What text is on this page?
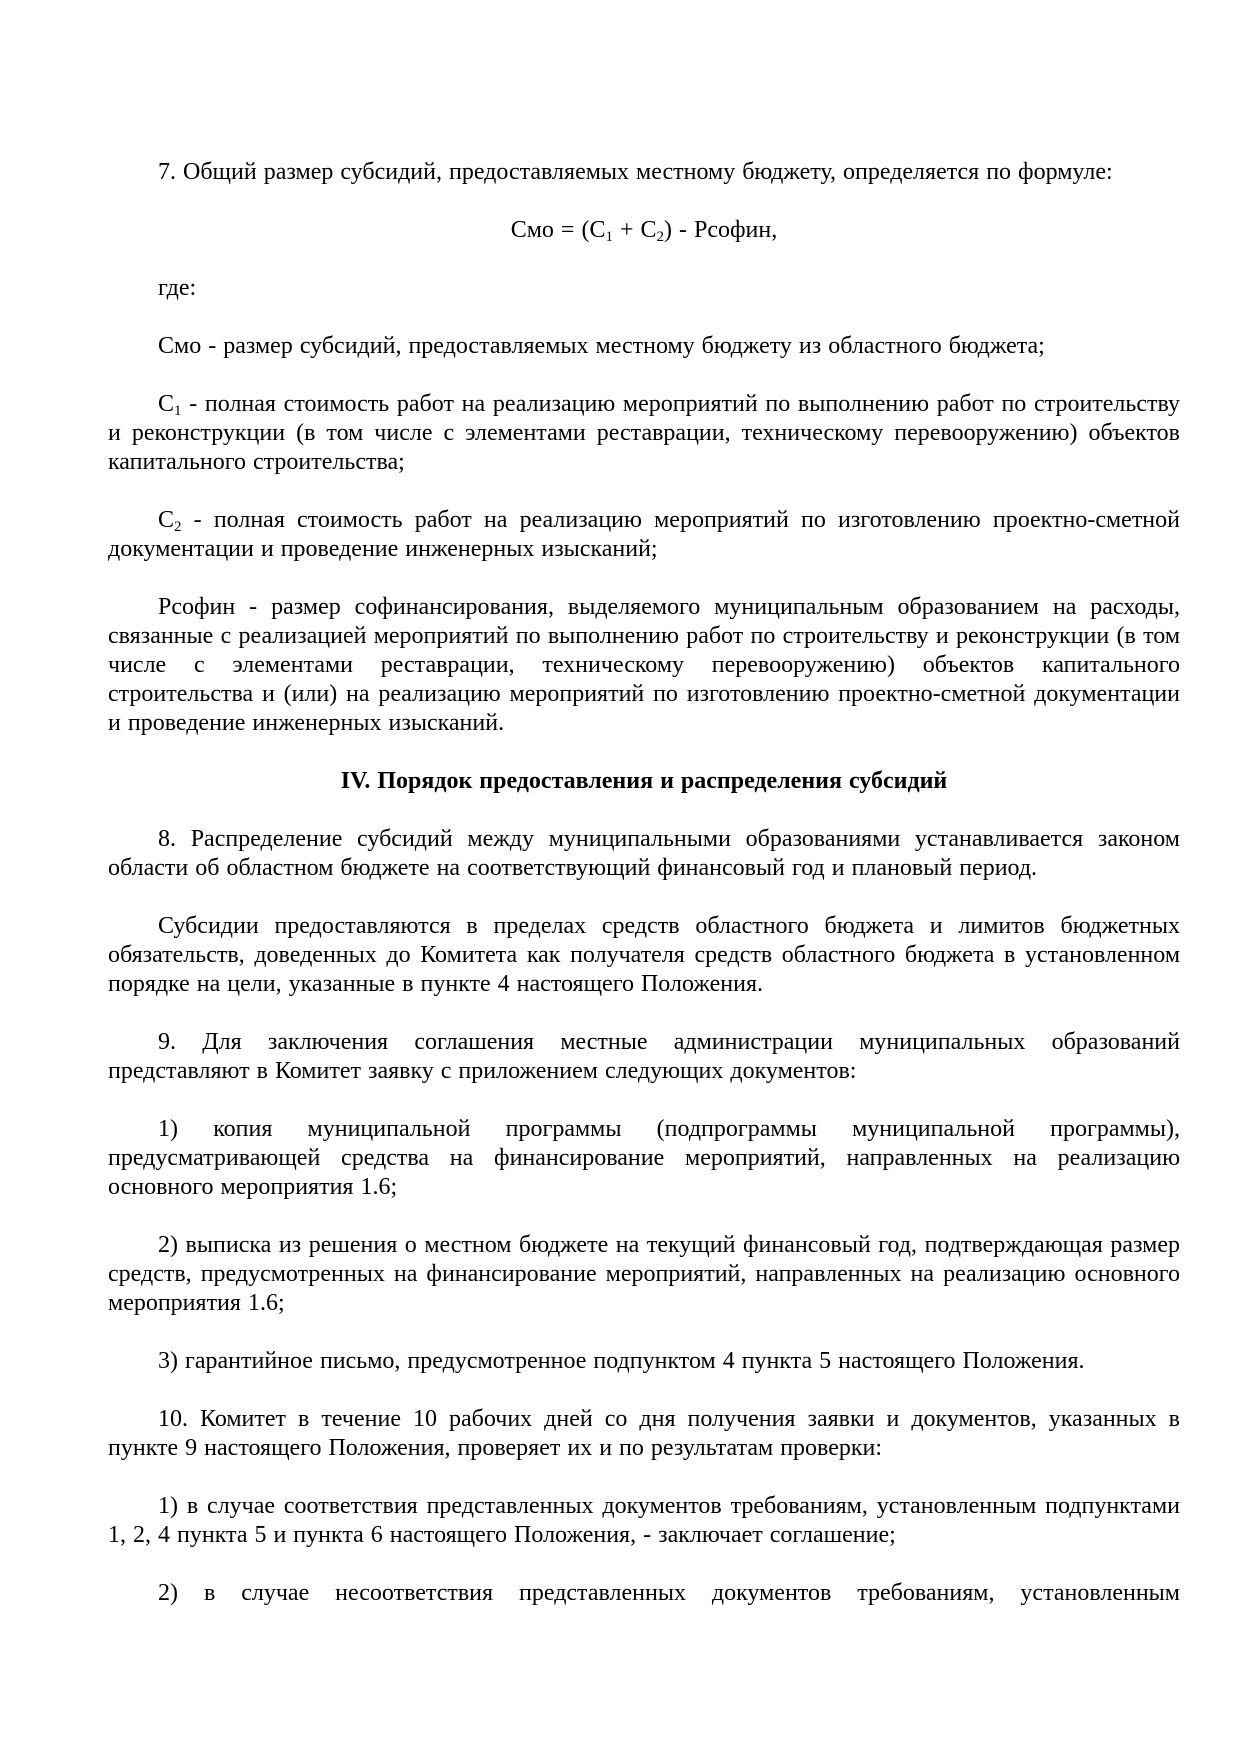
7. Общий размер субсидий, предоставляемых местному бюджету, определяется по формуле:

Смо = $(С_1 + С_2)$ - Рсофин,

где:

Смо - размер субсидий, предоставляемых местному бюджету из областного бюджета;

$С_1$ - полная стоимость работ на реализацию мероприятий по выполнению работ по строительству и реконструкции (в том числе с элементами реставрации, техническому перевооружению) объектов капитального строительства;

$С_2$ - полная стоимость работ на реализацию мероприятий по изготовлению проектно-сметной документации и проведение инженерных изысканий;

Рсофин - размер софинансирования, выделяемого муниципальным образованием на расходы, связанные с реализацией мероприятий по выполнению работ по строительству и реконструкции (в том числе с элементами реставрации, техническому перевооружению) объектов капитального строительства и (или) на реализацию мероприятий по изготовлению проектно-сметной документации и проведение инженерных изысканий.

IV. Порядок предоставления и распределения субсидий

8. Распределение субсидий между муниципальными образованиями устанавливается законом области об областном бюджете на соответствующий финансовый год и плановый период.

Субсидии предоставляются в пределах средств областного бюджета и лимитов бюджетных обязательств, доведенных до Комитета как получателя средств областного бюджета в установленном порядке на цели, указанные в пункте 4 настоящего Положения.

9. Для заключения соглашения местные администрации муниципальных образований представляют в Комитет заявку с приложением следующих документов:

1) копия муниципальной программы (подпрограммы муниципальной программы), предусматривающей средства на финансирование мероприятий, направленных на реализацию основного мероприятия 1.6;

2) выписка из решения о местном бюджете на текущий финансовый год, подтверждающая размер средств, предусмотренных на финансирование мероприятий, направленных на реализацию основного мероприятия 1.6;

3) гарантийное письмо, предусмотренное подпунктом 4 пункта 5 настоящего Положения.

10. Комитет в течение 10 рабочих дней со дня получения заявки и документов, указанных в пункте 9 настоящего Положения, проверяет их и по результатам проверки:

1) в случае соответствия представленных документов требованиям, установленным подпунктами 1, 2, 4 пункта 5 и пункта 6 настоящего Положения, - заключает соглашение;

2) в случае несоответствия представленных документов требованиям, установленным
